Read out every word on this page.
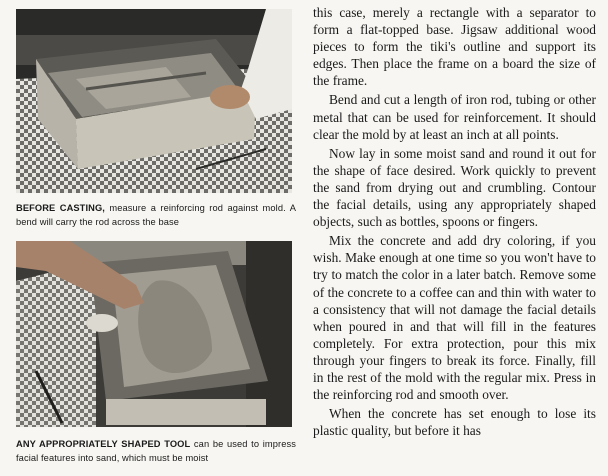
BEFORE CASTING, measure a reinforcing rod against mold. A bend will carry the rod across the base
ANY APPROPRIATELY SHAPED TOOL can be used to impress facial features into sand, which must be moist

this case, merely a rectangle with a separator to form a flat-topped base. Jigsaw additional wood pieces to form the tiki's outline and support its edges. Then place the frame on a board the size of the frame.

Bend and cut a length of iron rod, tubing or other metal that can be used for reinforcement. It should clear the mold by at least an inch at all points.

Now lay in some moist sand and round it out for the shape of face desired. Work quickly to prevent the sand from drying out and crumbling. Contour the facial details, using any appropriately shaped objects, such as bottles, spoons or fingers.

Mix the concrete and add dry coloring, if you wish. Make enough at one time so you won't have to try to match the color in a later batch. Remove some of the concrete to a coffee can and thin with water to a consistency that will not damage the facial details when poured in and that will fill in the features completely. For extra protection, pour this mix through your fingers to break its force. Finally, fill in the rest of the mold with the regular mix. Press in the reinforcing rod and smooth over.

When the concrete has set enough to lose its plastic quality, but before it has
